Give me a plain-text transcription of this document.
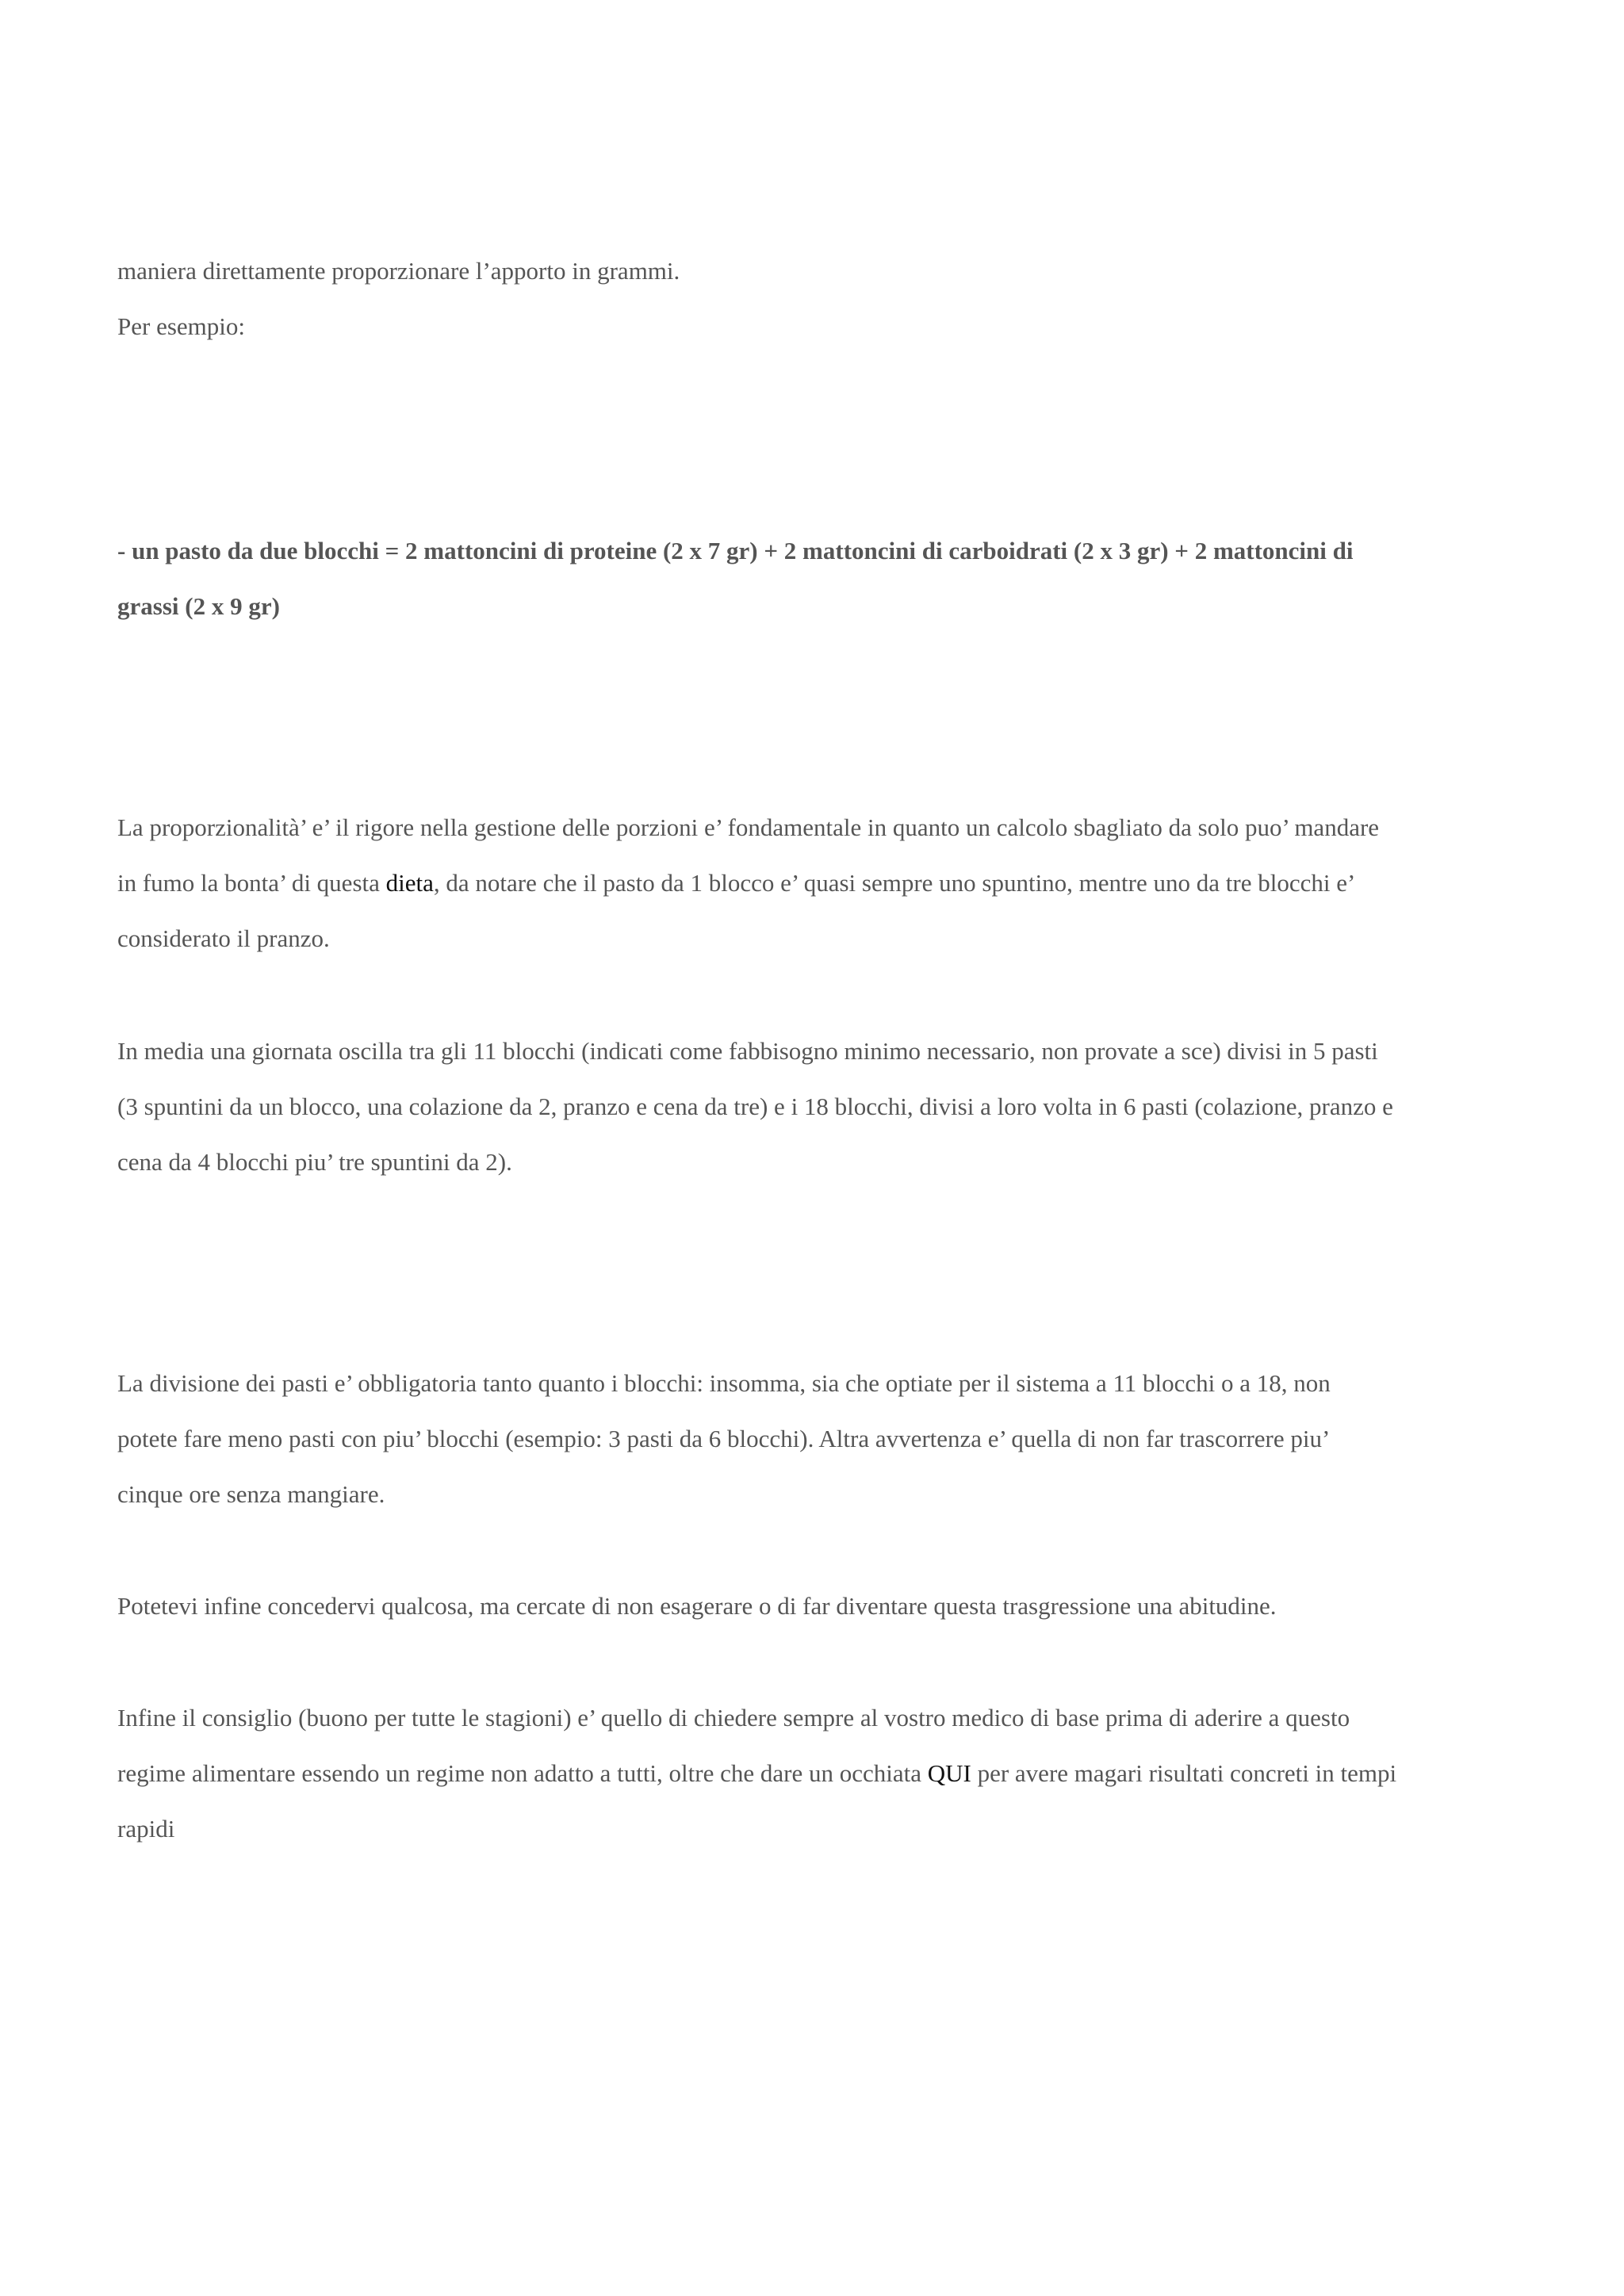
maniera direttamente proporzionare l’apporto in grammi.
Per esempio:
- un pasto da due blocchi = 2 mattoncini di proteine (2 x 7 gr) + 2 mattoncini di carboidrati (2 x 3 gr) + 2 mattoncini di
grassi (2 x 9 gr)
La proporzionalità’ e’ il rigore nella gestione delle porzioni e’ fondamentale in quanto un calcolo sbagliato da solo puo’ mandare
in fumo la bonta’ di questa dieta, da notare che il pasto da 1 blocco e’ quasi sempre uno spuntino, mentre uno da tre blocchi e’
considerato il pranzo.
In media una giornata oscilla tra gli 11 blocchi (indicati come fabbisogno minimo necessario, non provate a sce) divisi in 5 pasti
(3 spuntini da un blocco, una colazione da 2, pranzo e cena da tre) e i 18 blocchi, divisi a loro volta in 6 pasti (colazione, pranzo e
cena da 4 blocchi piu’ tre spuntini da 2).
La divisione dei pasti e’ obbligatoria tanto quanto i blocchi: insomma, sia che optiate per il sistema a 11 blocchi o a 18, non
potete fare meno pasti con piu’ blocchi (esempio: 3 pasti da 6 blocchi). Altra avvertenza e’ quella di non far trascorrere piu’
cinque ore senza mangiare.
Potetevi infine concedervi qualcosa, ma cercate di non esagerare o di far diventare questa trasgressione una abitudine.
Infine il consiglio (buono per tutte le stagioni) e’ quello di chiedere sempre al vostro medico di base prima di aderire a questo
regime alimentare essendo un regime non adatto a tutti, oltre che dare un occhiata QUI per avere magari risultati concreti in tempi
rapidi
